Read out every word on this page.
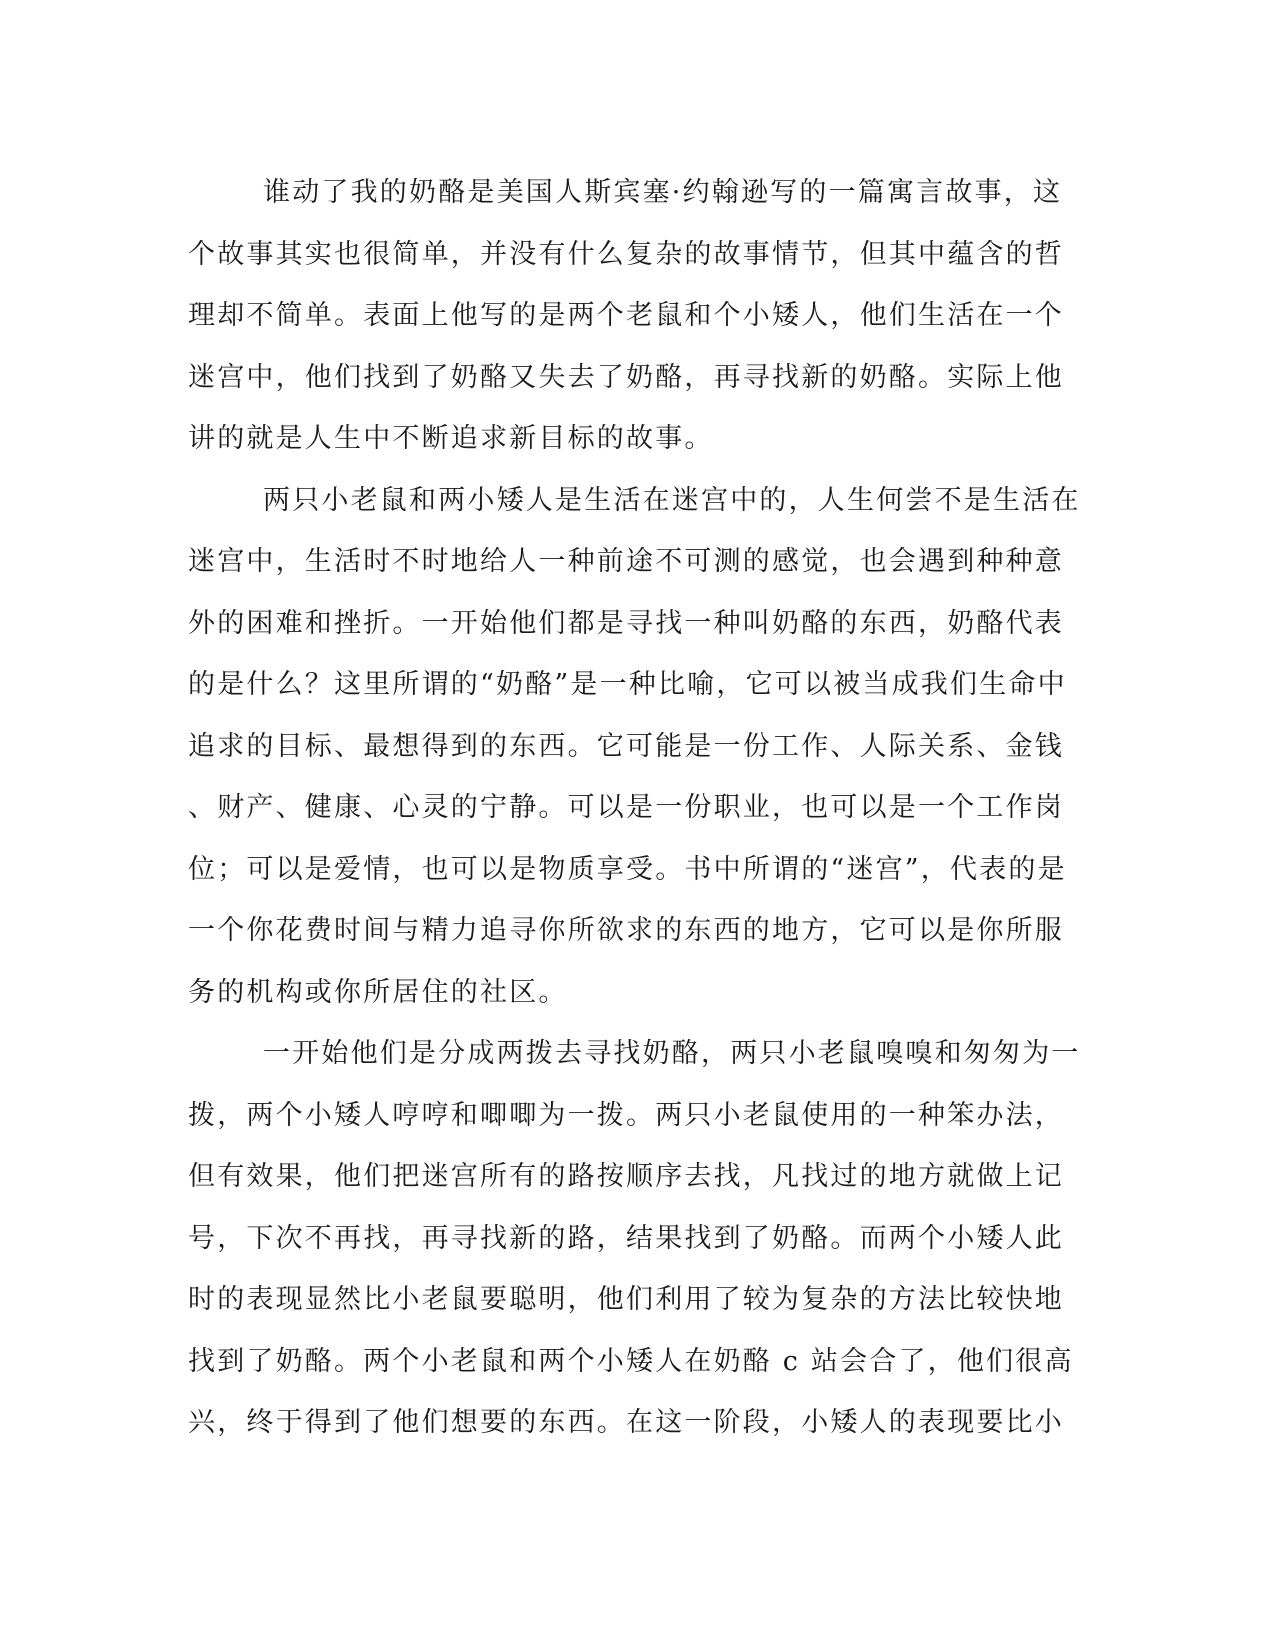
谁动了我的奶酪是美国人斯宾塞·约翰逊写的一篇寓言故事，这
个故事其实也很简单，并没有什么复杂的故事情节，但其中蕴含的哲
理却不简单。表面上他写的是两个老鼠和个小矮人，他们生活在一个
迷宫中，他们找到了奶酪又失去了奶酪，再寻找新的奶酪。实际上他
讲的就是人生中不断追求新目标的故事。
两只小老鼠和两小矮人是生活在迷宫中的，人生何尝不是生活在
迷宫中，生活时不时地给人一种前途不可测的感觉，也会遇到种种意
外的困难和挫折。一开始他们都是寻找一种叫奶酪的东西，奶酪代表
的是什么？这里所谓的“奶酪”是一种比喻，它可以被当成我们生命中
追求的目标、最想得到的东西。它可能是一份工作、人际关系、金钱
、财产、健康、心灵的宁静。可以是一份职业，也可以是一个工作岗
位；可以是爱情，也可以是物质享受。书中所谓的“迷宫”，代表的是
一个你花费时间与精力追寻你所欲求的东西的地方，它可以是你所服
务的机构或你所居住的社区。
一开始他们是分成两拨去寻找奶酪，两只小老鼠嗅嗅和匆匆为一
拨，两个小矮人哼哼和唧唧为一拨。两只小老鼠使用的一种笨办法，
但有效果，他们把迷宫所有的路按顺序去找，凡找过的地方就做上记
号，下次不再找，再寻找新的路，结果找到了奶酪。而两个小矮人此
时的表现显然比小老鼠要聪明，他们利用了较为复杂的方法比较快地
找到了奶酪。两个小老鼠和两个小矮人在奶酪 c 站会合了，他们很高
兴，终于得到了他们想要的东西。在这一阶段，小矮人的表现要比小
